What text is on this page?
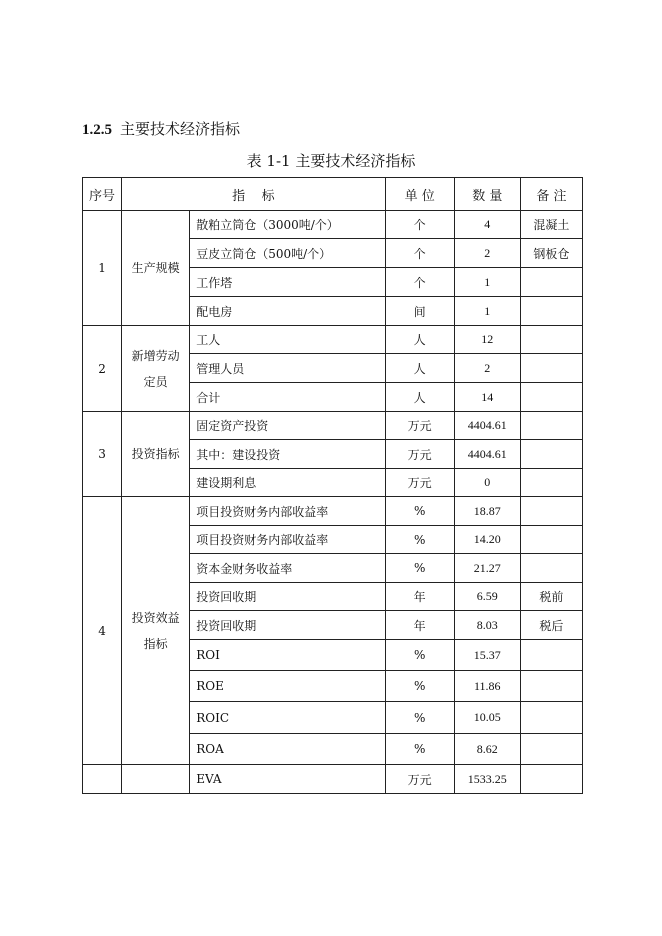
1.2.5 主要技术经济指标
表 1-1 主要技术经济指标
序号	指    标		单 位	数 量	备 注
1	生产规模	散粕立筒仓（3000吨/个）	个	4	混凝土
		豆皮立筒仓（500吨/个）	个	2	钢板仓
		工作塔	个	1	
		配电房	间	1	
2	新增劳动定员	工人	人	12	
		管理人员	人	2	
		合计	人	14	
3	投资指标	固定资产投资	万元	4404.61	
		其中：建设投资	万元	4404.61	
		建设期利息	万元	0	
4	投资效益指标	项目投资财务内部收益率	%	18.87	
		项目投资财务内部收益率	%	14.20	
		资本金财务收益率	%	21.27	
		投资回收期	年	6.59	税前
		投资回收期	年	8.03	税后
		ROI	%	15.37	
		ROE	%	11.86	
		ROIC	%	10.05	
		ROA	%	8.62	
		EVA	万元	1533.25	
